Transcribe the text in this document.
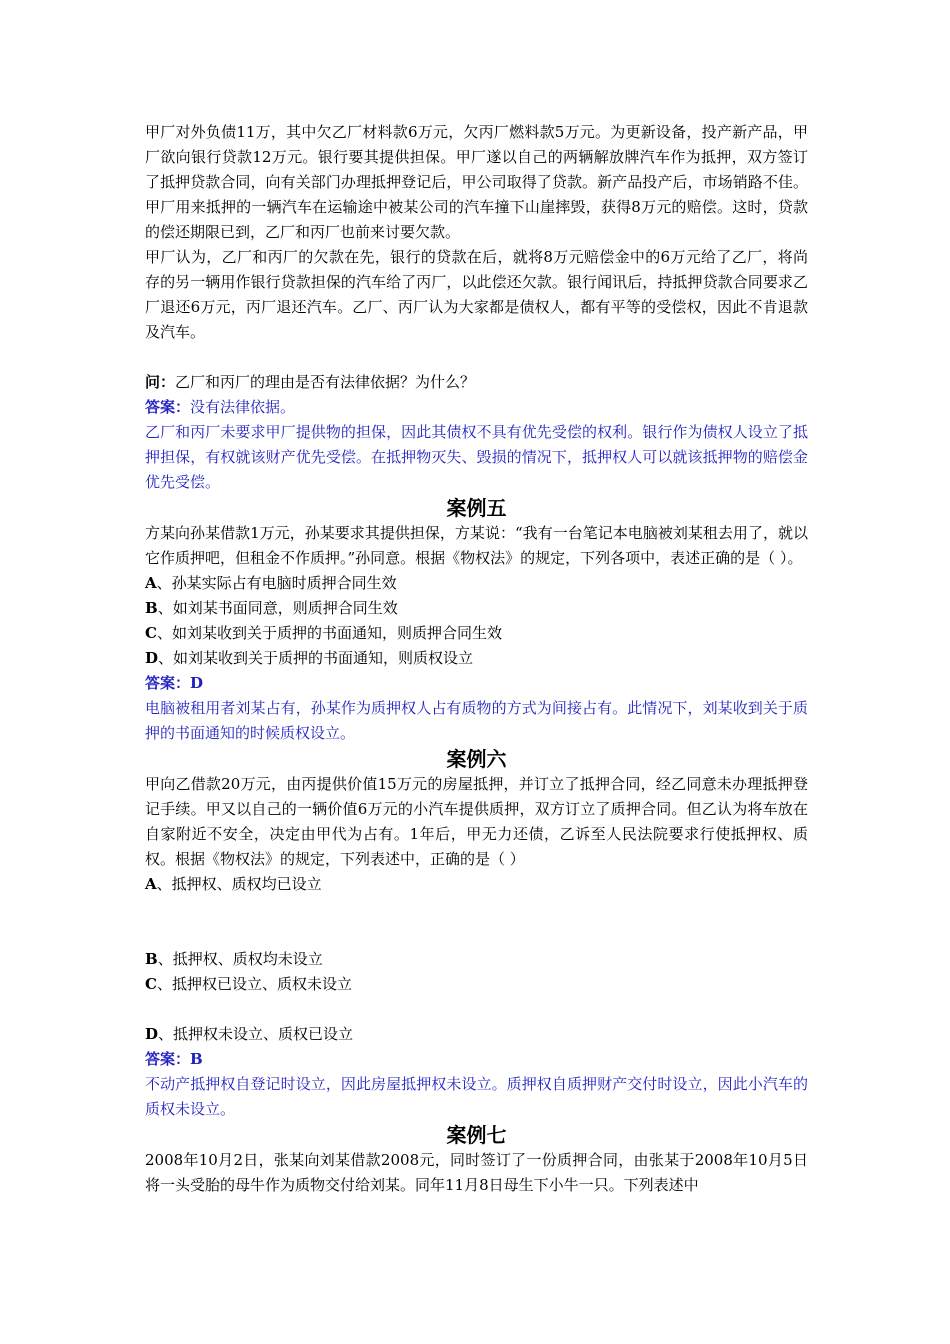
甲厂对外负债11万，其中欠乙厂材料款6万元，欠丙厂燃料款5万元。为更新设备，投产新产品，甲厂欲向银行贷款12万元。银行要其提供担保。甲厂遂以自己的两辆解放牌汽车作为抵押，双方签订了抵押贷款合同，向有关部门办理抵押登记后，甲公司取得了贷款。新产品投产后，市场销路不佳。甲厂用来抵押的一辆汽车在运输途中被某公司的汽车撞下山崖摔毁，获得8万元的赔偿。这时，贷款的偿还期限已到，乙厂和丙厂也前来讨要欠款。

甲厂认为，乙厂和丙厂的欠款在先，银行的贷款在后，就将8万元赔偿金中的6万元给了乙厂，将尚存的另一辆用作银行贷款担保的汽车给了丙厂，以此偿还欠款。银行闻讯后，持抵押贷款合同要求乙厂退还6万元，丙厂退还汽车。乙厂、丙厂认为大家都是债权人，都有平等的受偿权，因此不肯退款及汽车。

问：乙厂和丙厂的理由是否有法律依据？为什么？

答案：没有法律依据。

乙厂和丙厂未要求甲厂提供物的担保，因此其债权不具有优先受偿的权利。银行作为债权人设立了抵押担保，有权就该财产优先受偿。在抵押物灭失、毁损的情况下，抵押权人可以就该抵押物的赔偿金优先受偿。

案例五

方某向孙某借款1万元，孙某要求其提供担保，方某说：“我有一台笔记本电脑被刘某租去用了，就以它作质押吧，但租金不作质押。”孙同意。根据《物权法》的规定，下列各项中，表述正确的是（ ）。

A、孙某实际占有电脑时质押合同生效

B、如刘某书面同意，则质押合同生效

C、如刘某收到关于质押的书面通知，则质押合同生效

D、如刘某收到关于质押的书面通知，则质权设立

答案：D

电脑被租用者刘某占有，孙某作为质押权人占有质物的方式为间接占有。此情况下，刘某收到关于质押的书面通知的时候质权设立。

案例六

甲向乙借款20万元，由丙提供价值15万元的房屋抵押，并订立了抵押合同，经乙同意未办理抵押登记手续。甲又以自己的一辆价值6万元的小汽车提供质押，双方订立了质押合同。但乙认为将车放在自家附近不安全，决定由甲代为占有。1年后，甲无力还债，乙诉至人民法院要求行使抵押权、质权。根据《物权法》的规定，下列表述中，正确的是（ ）

A、抵押权、质权均已设立

B、抵押权、质权均未设立

C、抵押权已设立、质权未设立

D、抵押权未设立、质权已设立

答案：B

不动产抵押权自登记时设立，因此房屋抵押权未设立。质押权自质押财产交付时设立，因此小汽车的质权未设立。

案例七

2008年10月2日，张某向刘某借款2008元，同时签订了一份质押合同，由张某于2008年10月5日将一头受胎的母牛作为质物交付给刘某。同年11月8日母生下小牛一只。下列表述中
